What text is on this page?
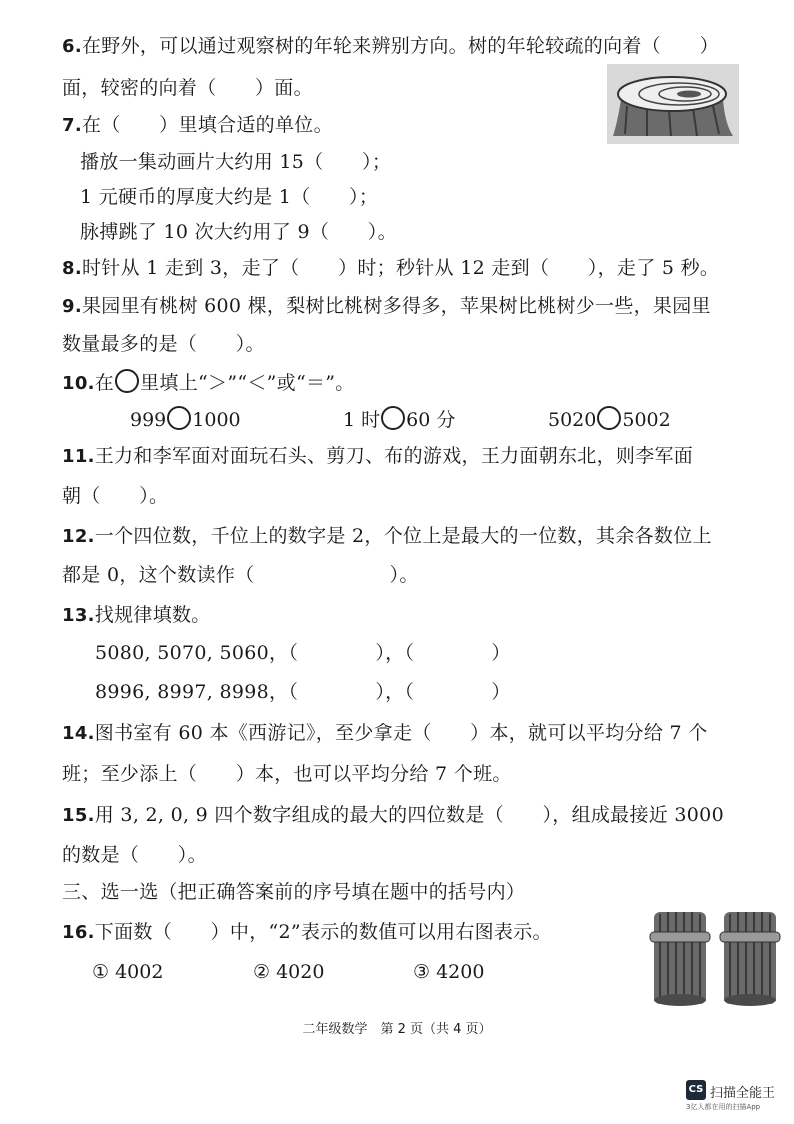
6.在野外，可以通过观察树的年轮来辨别方向。树的年轮较疏的向着（　　）
面，较密的向着（　　）面。
7.在（　　）里填合适的单位。
播放一集动画片大约用 15（　　）；
1 元硬币的厚度大约是 1（　　）；
脉搏跳了 10 次大约用了 9（　　）。
8.时针从 1 走到 3，走了（　　）时；秒针从 12 走到（　　），走了 5 秒。
9.果园里有桃树 600 棵，梨树比桃树多得多，苹果树比桃树少一些，果园里
数量最多的是（　　）。
10.在 里填上“＞”“＜”或“＝”。
999 1000	1 时 60 分	5020 5002
11.王力和李军面对面玩石头、剪刀、布的游戏，王力面朝东北，则李军面
朝（　　）。
12.一个四位数，千位上的数字是 2，个位上是最大的一位数，其余各数位上
都是 0，这个数读作（　　　　　　　）。
13.找规律填数。
5080, 5070, 5060，（　　　　），（　　　　）
8996, 8997, 8998，（　　　　），（　　　　）
14.图书室有 60 本《西游记》，至少拿走（　　）本，就可以平均分给 7 个
班；至少添上（　　）本，也可以平均分给 7 个班。
15.用 3, 2, 0, 9 四个数字组成的最大的四位数是（　　），组成最接近 3000
的数是（　　）。
三、选一选（把正确答案前的序号填在题中的括号内）
16.下面数（　　）中，“2”表示的数值可以用右图表示。
① 4002	② 4020	③ 4200
二年级数学　第 2 页（共 4 页）
CS 扫描全能王
3亿人都在用的扫描App
